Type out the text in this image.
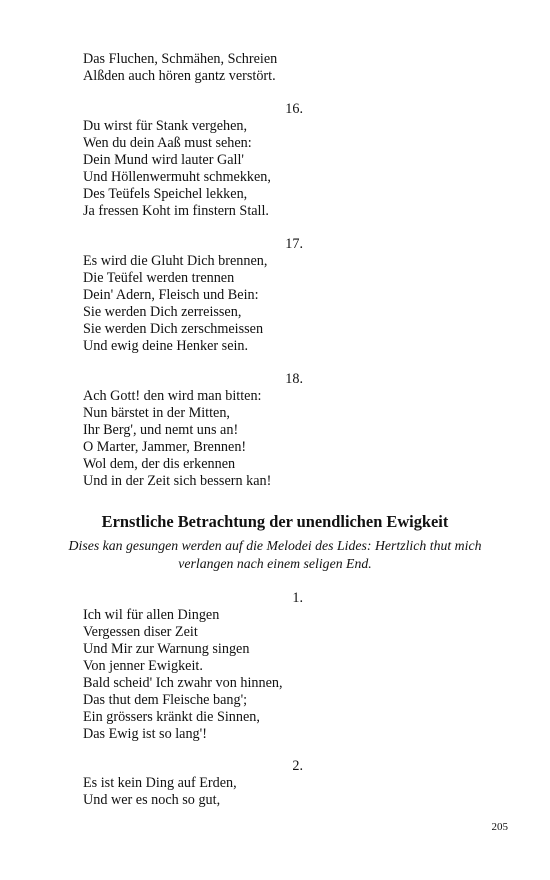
Das Fluchen, Schmähen, Schreien
Alßden auch hören gantz verstört.
16.
Du wirst für Stank vergehen,
Wen du dein Aaß must sehen:
Dein Mund wird lauter Gall'
Und Höllenwermuht schmekken,
Des Teüfels Speichel lekken,
Ja fressen Koht im finstern Stall.
17.
Es wird die Gluht Dich brennen,
Die Teüfel werden trennen
Dein' Adern, Fleisch und Bein:
Sie werden Dich zerreissen,
Sie werden Dich zerschmeissen
Und ewig deine Henker sein.
18.
Ach Gott! den wird man bitten:
Nun bärstet in der Mitten,
Ihr Berg', und nemt uns an!
O Marter, Jammer, Brennen!
Wol dem, der dis erkennen
Und in der Zeit sich bessern kan!
Ernstliche Betrachtung der unendlichen Ewigkeit
Dises kan gesungen werden auf die Melodei des Lides: Hertzlich thut mich verlangen nach einem seligen End.
1.
Ich wil für allen Dingen
Vergessen diser Zeit
Und Mir zur Warnung singen
Von jenner Ewigkeit.
Bald scheid' Ich zwahr von hinnen,
Das thut dem Fleische bang';
Ein grössers kränkt die Sinnen,
Das Ewig ist so lang'!
2.
Es ist kein Ding auf Erden,
Und wer es noch so gut,
205
